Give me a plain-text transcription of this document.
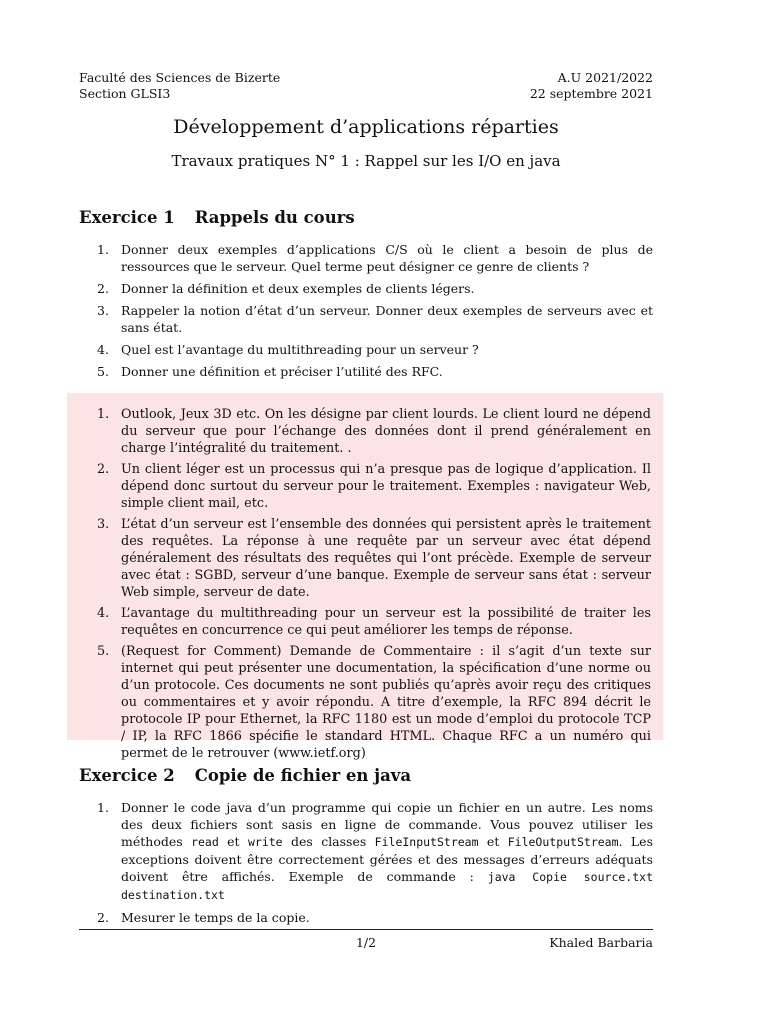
Faculté des Sciences de Bizerte
Section GLSI3
A.U 2021/2022
22 septembre 2021
Développement d’applications réparties
Travaux pratiques N° 1 : Rappel sur les I/O en java
Exercice 1 Rappels du cours
1. Donner deux exemples d’applications C/S où le client a besoin de plus de ressources que le serveur. Quel terme peut désigner ce genre de clients ?
2. Donner la définition et deux exemples de clients légers.
3. Rappeler la notion d’état d’un serveur. Donner deux exemples de serveurs avec et sans état.
4. Quel est l’avantage du multithreading pour un serveur ?
5. Donner une définition et préciser l’utilité des RFC.
1. Outlook, Jeux 3D etc. On les désigne par client lourds. Le client lourd ne dépend du serveur que pour l’échange des données dont il prend généralement en charge l’intégralité du traitement. .
2. Un client léger est un processus qui n’a presque pas de logique d’application. Il dépend donc surtout du serveur pour le traitement. Exemples : navigateur Web, simple client mail, etc.
3. L’état d’un serveur est l’ensemble des données qui persistent après le traitement des requêtes. La réponse à une requête par un serveur avec état dépend généralement des résultats des requêtes qui l’ont précède. Exemple de serveur avec état : SGBD, serveur d’une banque. Exemple de serveur sans état : serveur Web simple, serveur de date.
4. L’avantage du multithreading pour un serveur est la possibilité de traiter les requêtes en concurrence ce qui peut améliorer les temps de réponse.
5. (Request for Comment) Demande de Commentaire : il s’agit d’un texte sur internet qui peut présenter une documentation, la spécification d’une norme ou d’un protocole. Ces documents ne sont publiés qu’après avoir reçu des critiques ou commentaires et y avoir répondu. A titre d’exemple, la RFC 894 décrit le protocole IP pour Ethernet, la RFC 1180 est un mode d’emploi du protocole TCP / IP, la RFC 1866 spécifie le standard HTML. Chaque RFC a un numéro qui permet de le retrouver (www.ietf.org)
Exercice 2 Copie de fichier en java
1. Donner le code java d’un programme qui copie un fichier en un autre. Les noms des deux fichiers sont sasis en ligne de commande. Vous pouvez utiliser les méthodes read et write des classes FileInputStream et FileOutputStream. Les exceptions doivent être correctement gérées et des messages d’erreurs adéquats doivent être affichés. Exemple de commande : java Copie source.txt destination.txt
2. Mesurer le temps de la copie.
1/2	Khaled Barbaria
